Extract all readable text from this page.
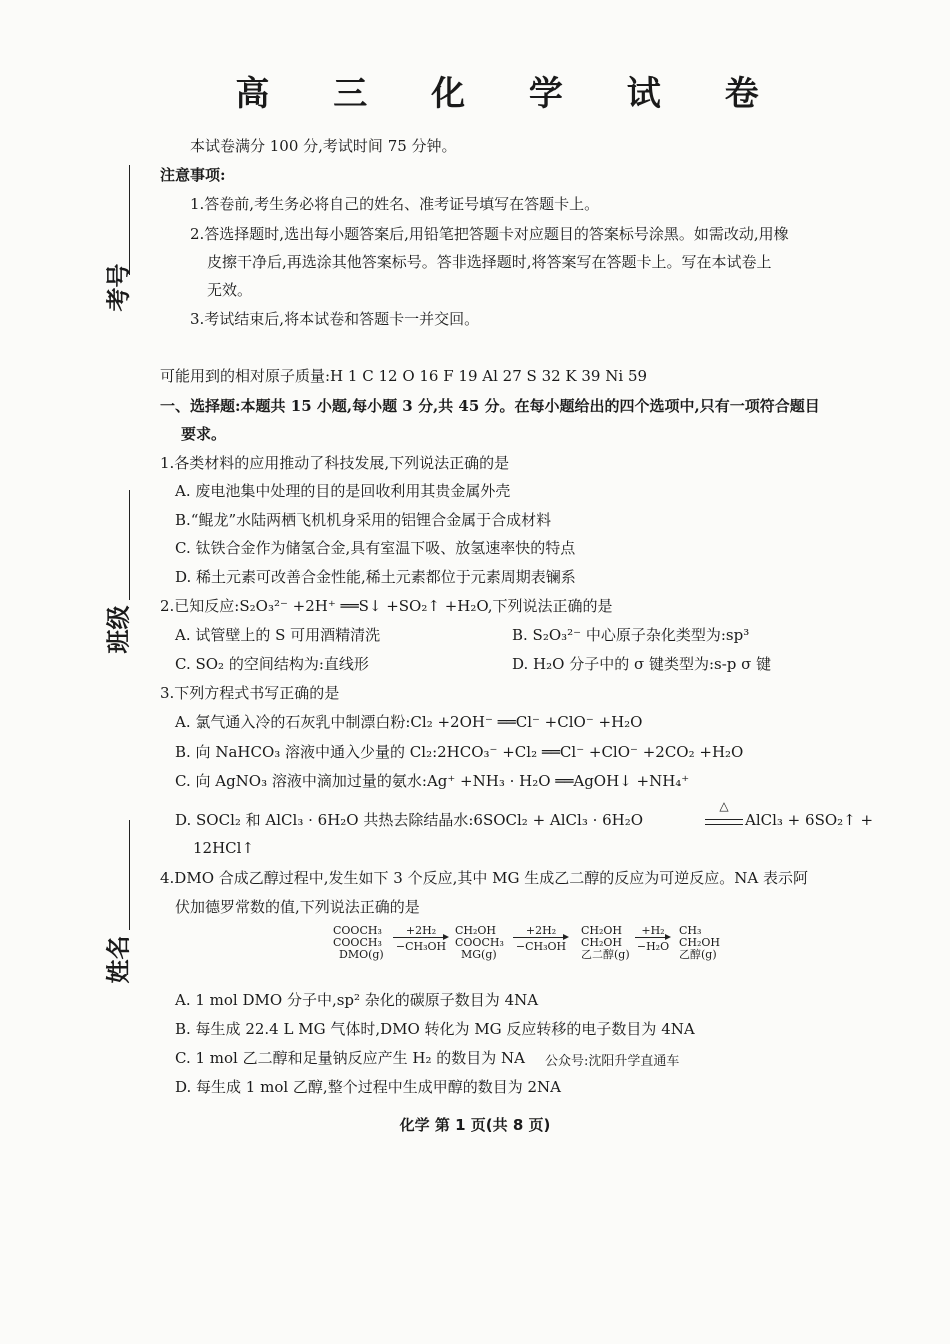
高 三 化 学 试 卷
考号
班级
姓名
本试卷满分 100 分,考试时间 75 分钟。
注意事项:
1.答卷前,考生务必将自己的姓名、准考证号填写在答题卡上。
2.答选择题时,选出每小题答案后,用铅笔把答题卡对应题目的答案标号涂黑。如需改动,用橡
皮擦干净后,再选涂其他答案标号。答非选择题时,将答案写在答题卡上。写在本试卷上
无效。
3.考试结束后,将本试卷和答题卡一并交回。
可能用到的相对原子质量:H 1 C 12 O 16 F 19 Al 27 S 32 K 39 Ni 59
一、选择题:本题共 15 小题,每小题 3 分,共 45 分。在每小题给出的四个选项中,只有一项符合题目
要求。
1.各类材料的应用推动了科技发展,下列说法正确的是
A. 废电池集中处理的目的是回收利用其贵金属外壳
B.“鲲龙”水陆两栖飞机机身采用的铝锂合金属于合成材料
C. 钛铁合金作为储氢合金,具有室温下吸、放氢速率快的特点
D. 稀土元素可改善合金性能,稀土元素都位于元素周期表镧系
2.已知反应:S₂O₃²⁻ +2H⁺ ══S↓ +SO₂↑ +H₂O,下列说法正确的是
A. 试管壁上的 S 可用酒精清洗	B. S₂O₃²⁻ 中心原子杂化类型为:sp³
C. SO₂ 的空间结构为:直线形	D. H₂O 分子中的 σ 键类型为:s-p σ 键
3.下列方程式书写正确的是
A. 氯气通入冷的石灰乳中制漂白粉:Cl₂ +2OH⁻ ══Cl⁻ +ClO⁻ +H₂O
B. 向 NaHCO₃ 溶液中通入少量的 Cl₂:2HCO₃⁻ +Cl₂ ══Cl⁻ +ClO⁻ +2CO₂ +H₂O
C. 向 AgNO₃ 溶液中滴加过量的氨水:Ag⁺ +NH₃ · H₂O ══AgOH↓ +NH₄⁺
D. SOCl₂ 和 AlCl₃ · 6H₂O 共热去除结晶水:6SOCl₂ + AlCl₃ · 6H₂O
△
AlCl₃ + 6SO₂↑ +
12HCl↑
4.DMO 合成乙醇过程中,发生如下 3 个反应,其中 MG 生成乙二醇的反应为可逆反应。NA 表示阿
伏加德罗常数的值,下列说法正确的是
COOCH₃
COOCH₃
DMO(g)
+2H₂
−CH₃OH
CH₂OH
COOCH₃
MG(g)
+2H₂
−CH₃OH
CH₂OH
CH₂OH
乙二醇(g)
+H₂
−H₂O
CH₃
CH₂OH
乙醇(g)
A. 1 mol DMO 分子中,sp² 杂化的碳原子数目为 4NA
B. 每生成 22.4 L MG 气体时,DMO 转化为 MG 反应转移的电子数目为 4NA
C. 1 mol 乙二醇和足量钠反应产生 H₂ 的数目为 NA 公众号:沈阳升学直通车
D. 每生成 1 mol 乙醇,整个过程中生成甲醇的数目为 2NA
化学 第 1 页(共 8 页)
